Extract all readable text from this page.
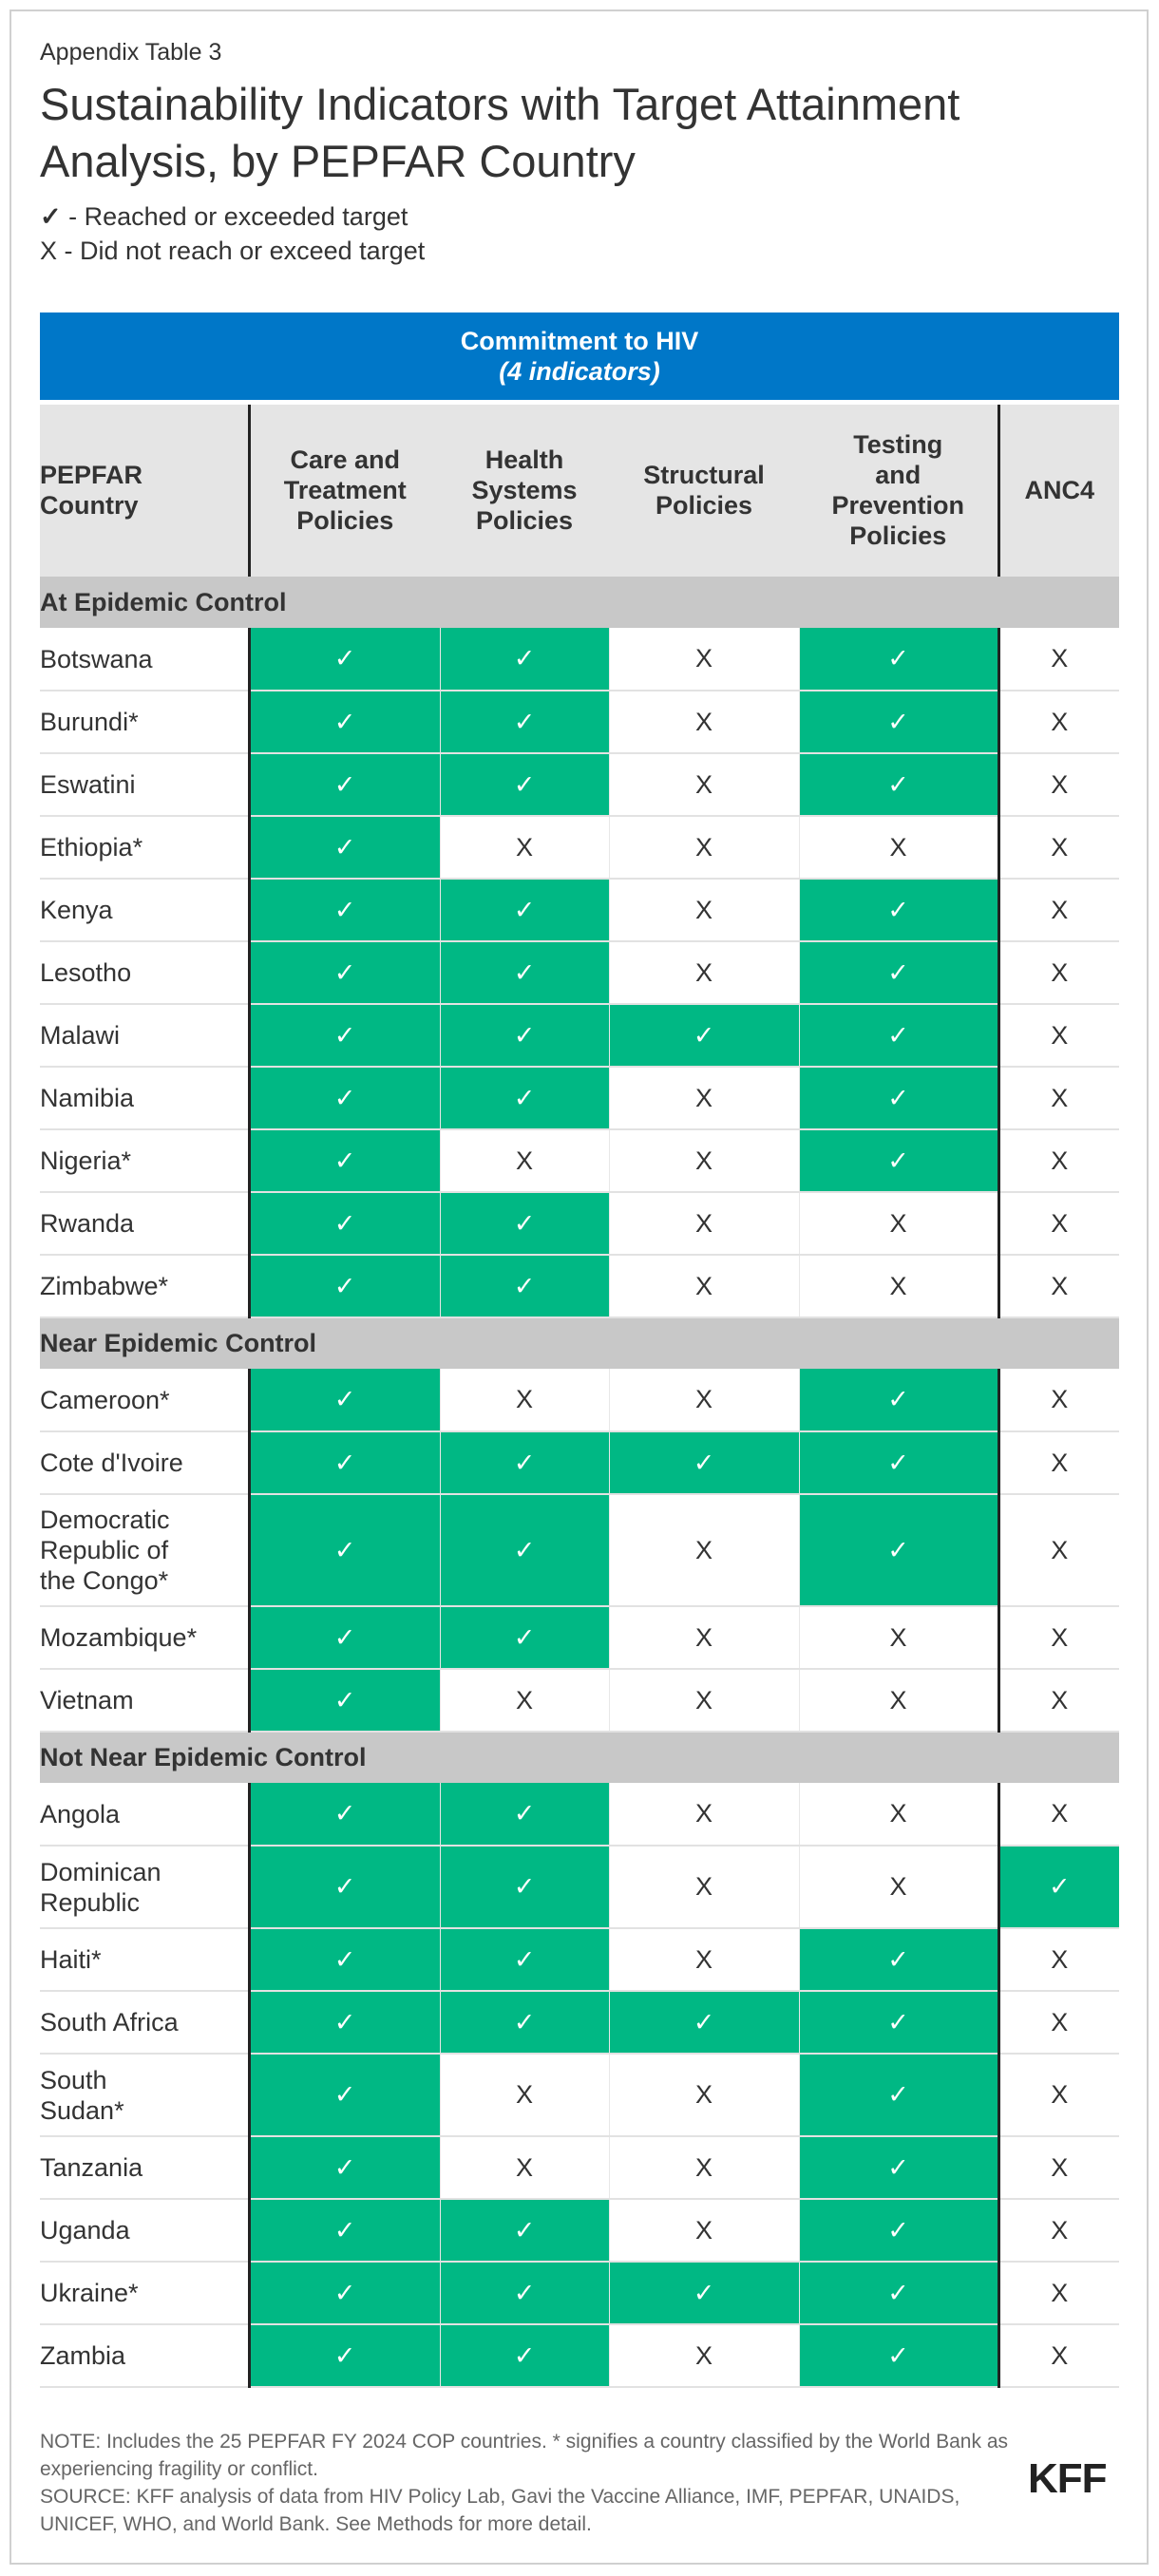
Appendix Table 3
Sustainability Indicators with Target Attainment
Analysis, by PEPFAR Country
✓ - Reached or exceeded target
X - Did not reach or exceed target
Commitment to HIV
(4 indicators)					

PEPFAR Country	Care and Treatment Policies	Health Systems Policies	Structural Policies	Testing and Prevention Policies	ANC4
At Epidemic Control					
Botswana	✓	✓	X	✓	X
Burundi*	✓	✓	X	✓	X
Eswatini	✓	✓	X	✓	X
Ethiopia*	✓	X	X	X	X
Kenya	✓	✓	X	✓	X
Lesotho	✓	✓	X	✓	X
Malawi	✓	✓	✓	✓	X
Namibia	✓	✓	X	✓	X
Nigeria*	✓	X	X	✓	X
Rwanda	✓	✓	X	X	X
Zimbabwe*	✓	✓	X	X	X
Near Epidemic Control					
Cameroon*	✓	X	X	✓	X
Cote d'Ivoire	✓	✓	✓	✓	X
Democratic Republic of the Congo*	✓	✓	X	✓	X
Mozambique*	✓	✓	X	X	X
Vietnam	✓	X	X	X	X
Not Near Epidemic Control					
Angola	✓	✓	X	X	X
Dominican Republic	✓	✓	X	X	✓
Haiti*	✓	✓	X	✓	X
South Africa	✓	✓	✓	✓	X
South Sudan*	✓	X	X	✓	X
Tanzania	✓	X	X	✓	X
Uganda	✓	✓	X	✓	X
Ukraine*	✓	✓	✓	✓	X
Zambia	✓	✓	X	✓	X
NOTE: Includes the 25 PEPFAR FY 2024 COP countries. * signifies a country classified by the World Bank as experiencing fragility or conflict.
SOURCE: KFF analysis of data from HIV Policy Lab, Gavi the Vaccine Alliance, IMF, PEPFAR, UNAIDS, UNICEF, WHO, and World Bank. See Methods for more detail.
KFF
